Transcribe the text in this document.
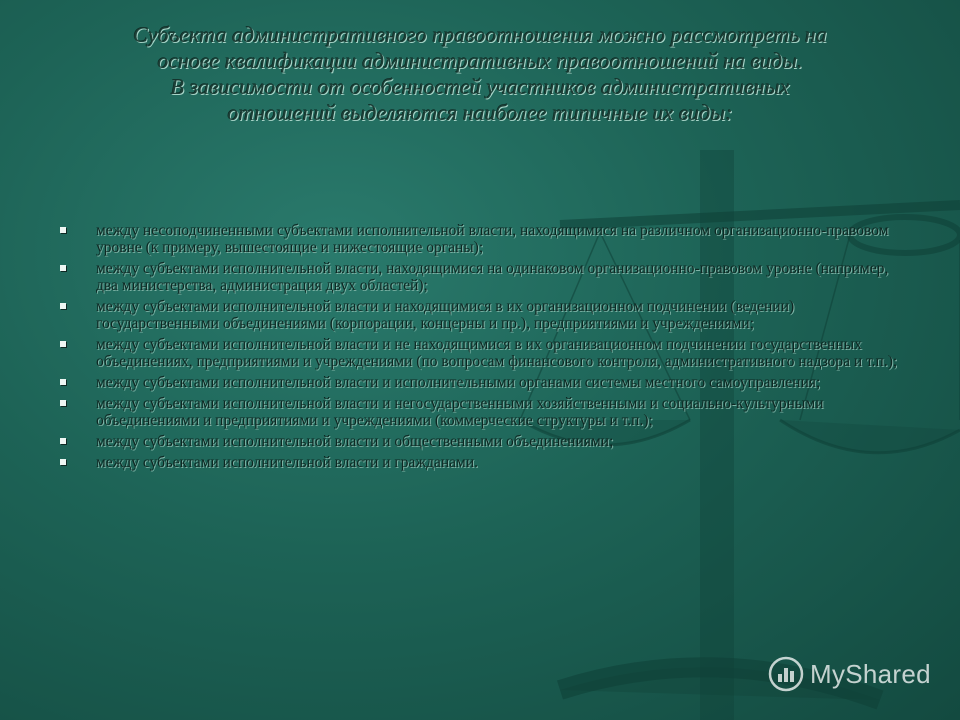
Субъекта административного правоотношения можно рассмотреть на
основе квалификации административных правоотношений на виды.
В зависимости от особенностей участников административных
отношений выделяются наиболее типичные их виды:
между несоподчиненными субъектами исполнительной власти, находящимися на различном организационно-правовом уровне (к примеру, вышестоящие и нижестоящие органы);
между субъектами исполнительной власти, находящимися на одинаковом организационно-правовом уровне (например, два министерства, администрация двух областей);
между субъектами исполнительной власти и находящимися в их организационном подчинении (ведении) государственными объединениями (корпорации, концерны и пр.), предприятиями и учреждениями;
между субъектами исполнительной власти и не находящимися в их организационном подчинении государственных объединениях, предприятиями и учреждениями (по вопросам финансового контроля, административного надзора и т.п.);
между субъектами исполнительной власти и исполнительными органами системы местного самоуправления;
между субъектами исполнительной власти и негосударственными хозяйственными и социально-культурными объединениями и предприятиями и учреждениями (коммерческие структуры и т.п.);
между субъектами исполнительной власти и общественными объединениями;
между субъектами исполнительной власти и гражданами.
MyShared
